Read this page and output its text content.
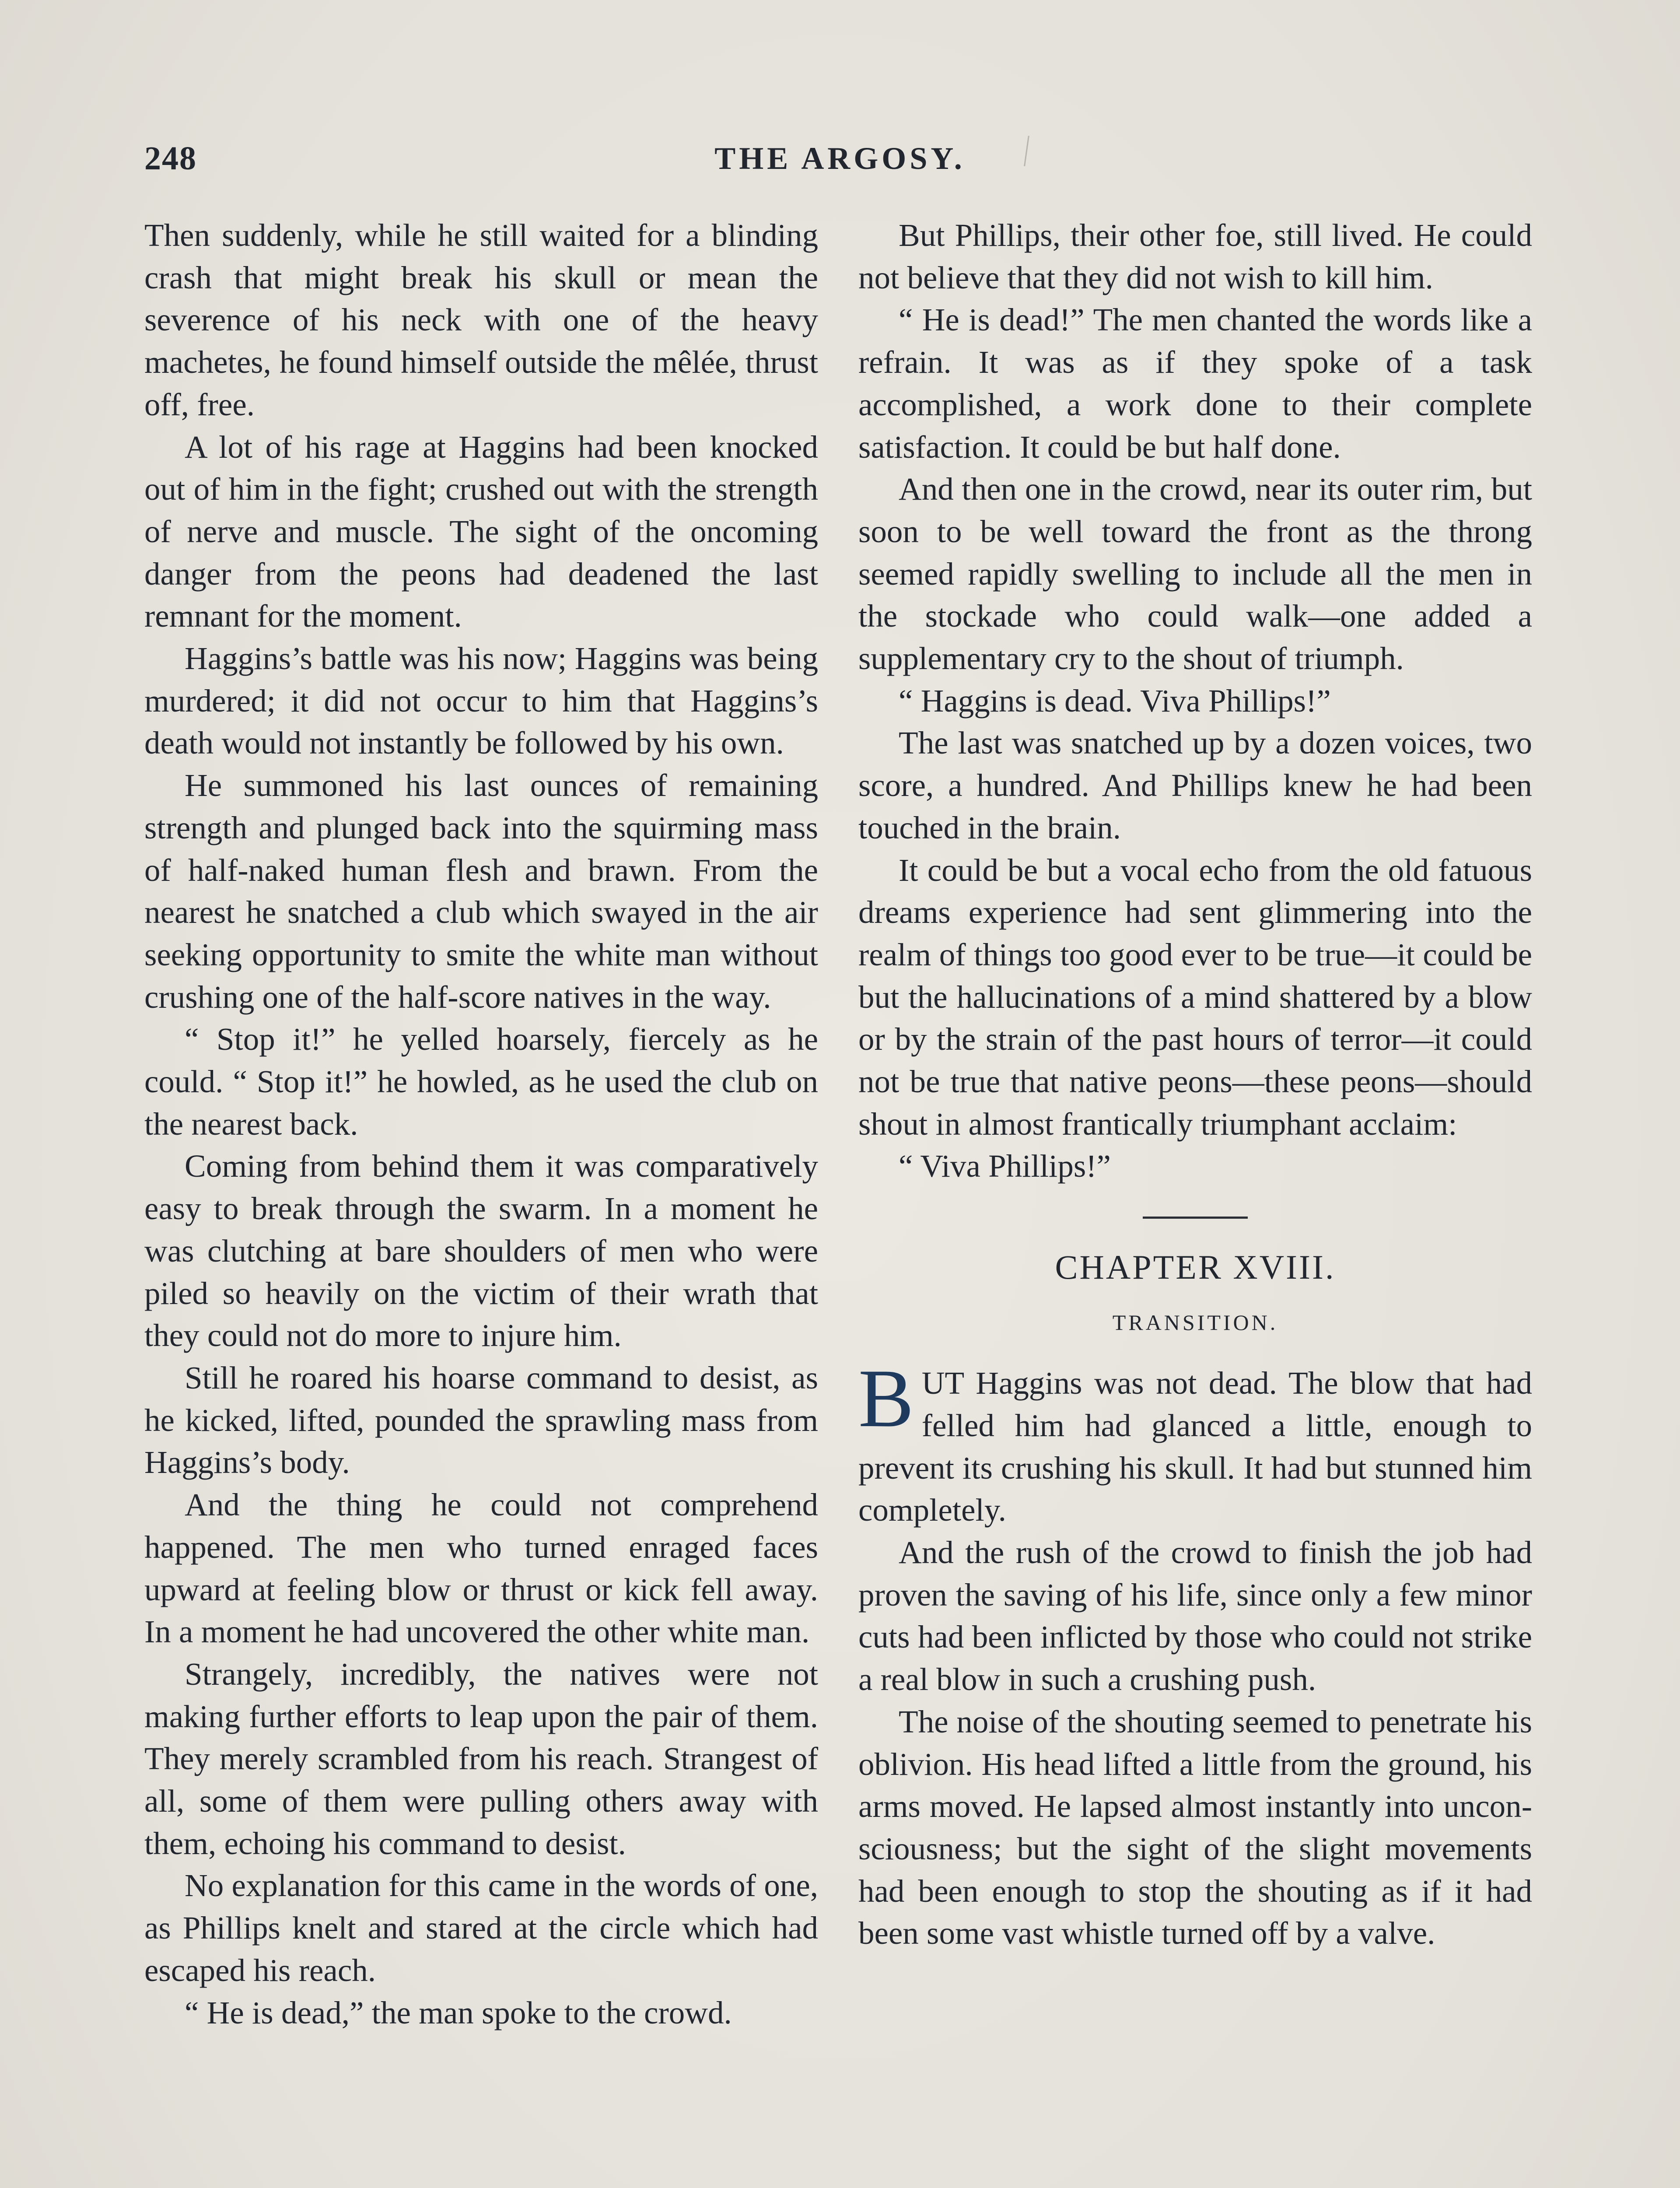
248	THE ARGOSY.

Then suddenly, while he still waited for a blinding crash that might break his skull or mean the severence of his neck with one of the heavy machetes, he found himself outside the mêlée, thrust off, free.

A lot of his rage at Haggins had been knocked out of him in the fight; crushed out with the strength of nerve and muscle. The sight of the oncoming danger from the peons had deadened the last remnant for the moment.

Haggins’s battle was his now; Haggins was being murdered; it did not occur to him that Haggins’s death would not instantly be followed by his own.

He summoned his last ounces of remaining strength and plunged back into the squirming mass of half-naked human flesh and brawn. From the nearest he snatched a club which swayed in the air seeking opportunity to smite the white man without crushing one of the half-score natives in the way.

“ Stop it!” he yelled hoarsely, fiercely as he could. “ Stop it!” he howled, as he used the club on the nearest back.

Coming from behind them it was comparatively easy to break through the swarm. In a moment he was clutching at bare shoulders of men who were piled so heavily on the victim of their wrath that they could not do more to injure him.

Still he roared his hoarse command to desist, as he kicked, lifted, pounded the sprawling mass from Haggins’s body.

And the thing he could not comprehend happened. The men who turned enraged faces upward at feeling blow or thrust or kick fell away. In a moment he had uncovered the other white man.

Strangely, incredibly, the natives were not making further efforts to leap upon the pair of them. They merely scrambled from his reach. Strangest of all, some of them were pulling others away with them, echoing his command to desist.

No explanation for this came in the words of one, as Phillips knelt and stared at the circle which had escaped his reach.

“ He is dead,” the man spoke to the crowd.

But Phillips, their other foe, still lived. He could not believe that they did not wish to kill him.

“ He is dead!” The men chanted the words like a refrain. It was as if they spoke of a task accomplished, a work done to their complete satisfaction. It could be but half done.

And then one in the crowd, near its outer rim, but soon to be well toward the front as the throng seemed rapidly swelling to include all the men in the stockade who could walk—one added a supplementary cry to the shout of triumph.

“ Haggins is dead. Viva Phillips!”

The last was snatched up by a dozen voices, two score, a hundred. And Phillips knew he had been touched in the brain.

It could be but a vocal echo from the old fatuous dreams experience had sent glimmering into the realm of things too good ever to be true—it could be but the hallucinations of a mind shattered by a blow or by the strain of the past hours of terror—it could not be true that native peons—these peons—should shout in almost frantically triumphant acclaim:

“ Viva Phillips!”

CHAPTER XVIII.
TRANSITION.

BUT Haggins was not dead. The blow that had felled him had glanced a little, enough to prevent its crushing his skull. It had but stunned him completely.

And the rush of the crowd to finish the job had proven the saving of his life, since only a few minor cuts had been inflicted by those who could not strike a real blow in such a crushing push.

The noise of the shouting seemed to penetrate his oblivion. His head lifted a little from the ground, his arms moved. He lapsed almost instantly into unconsciousness; but the sight of the slight movements had been enough to stop the shouting as if it had been some vast whistle turned off by a valve.
